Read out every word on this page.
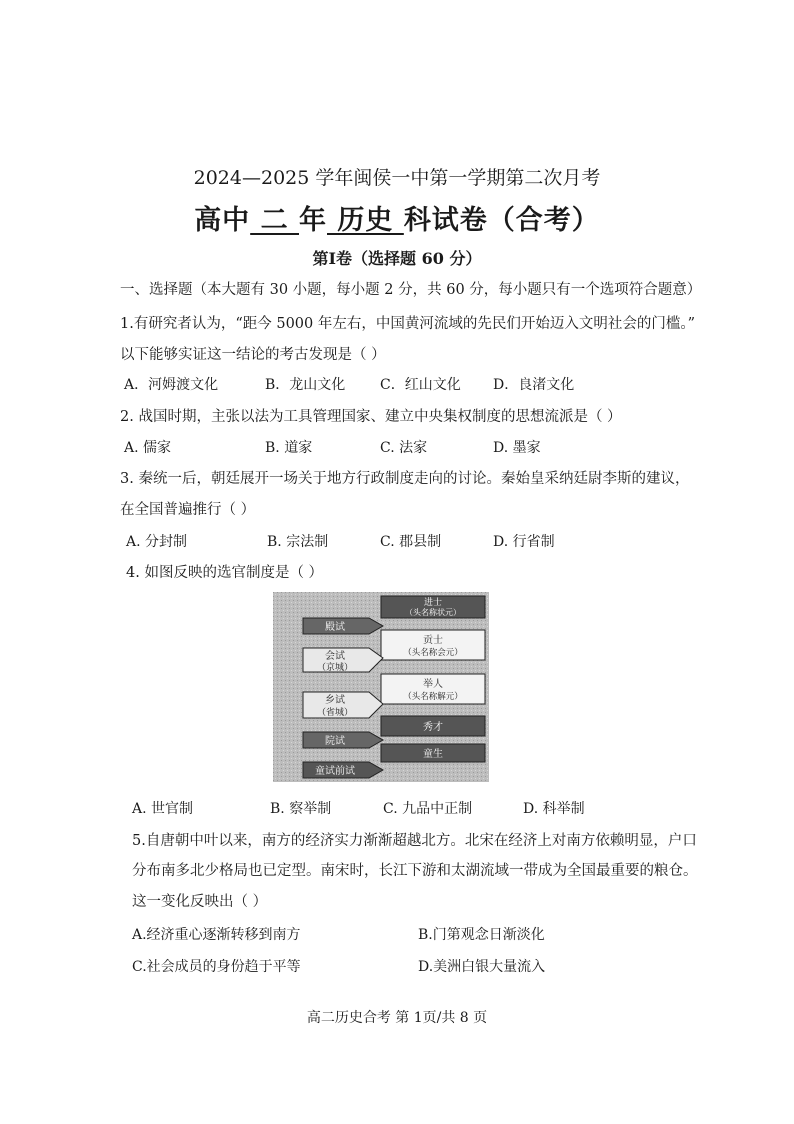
2024—2025 学年闽侯一中第一学期第二次月考
高中 二 年 历史 科试卷（合考）
第Ⅰ卷（选择题 60 分）
一、选择题（本大题有 30 小题，每小题 2 分，共 60 分，每小题只有一个选项符合题意）
1.有研究者认为，“距今 5000 年左右，中国黄河流域的先民们开始迈入文明社会的门槛。”
以下能够实证这一结论的考古发现是（ ）
A．河姆渡文化	B．龙山文化 C．红山文化 D．良渚文化
2. 战国时期，主张以法为工具管理国家、建立中央集权制度的思想流派是（ ）
A. 儒家	B. 道家	C. 法家	D. 墨家
3. 秦统一后，朝廷展开一场关于地方行政制度走向的讨论。秦始皇采纳廷尉李斯的建议，
在全国普遍推行（ ）
A. 分封制	B. 宗法制	C. 郡县制	D. 行省制
4. 如图反映的选官制度是（ ）
殿试
会试
（京城）
乡试
（省城）
院试
童试前试
进士
（头名称状元）
贡士
（头名称会元）
举人
（头名称解元）
秀才
童生
A. 世官制	B. 察举制	C. 九品中正制	D. 科举制
5.自唐朝中叶以来，南方的经济实力渐渐超越北方。北宋在经济上对南方依赖明显，户口
分布南多北少格局也已定型。南宋时，长江下游和太湖流域一带成为全国最重要的粮仓。
这一变化反映出（ ）
A.经济重心逐渐转移到南方	B.门第观念日渐淡化
C.社会成员的身份趋于平等	D.美洲白银大量流入
高二历史合考 第 1页/共 8 页
